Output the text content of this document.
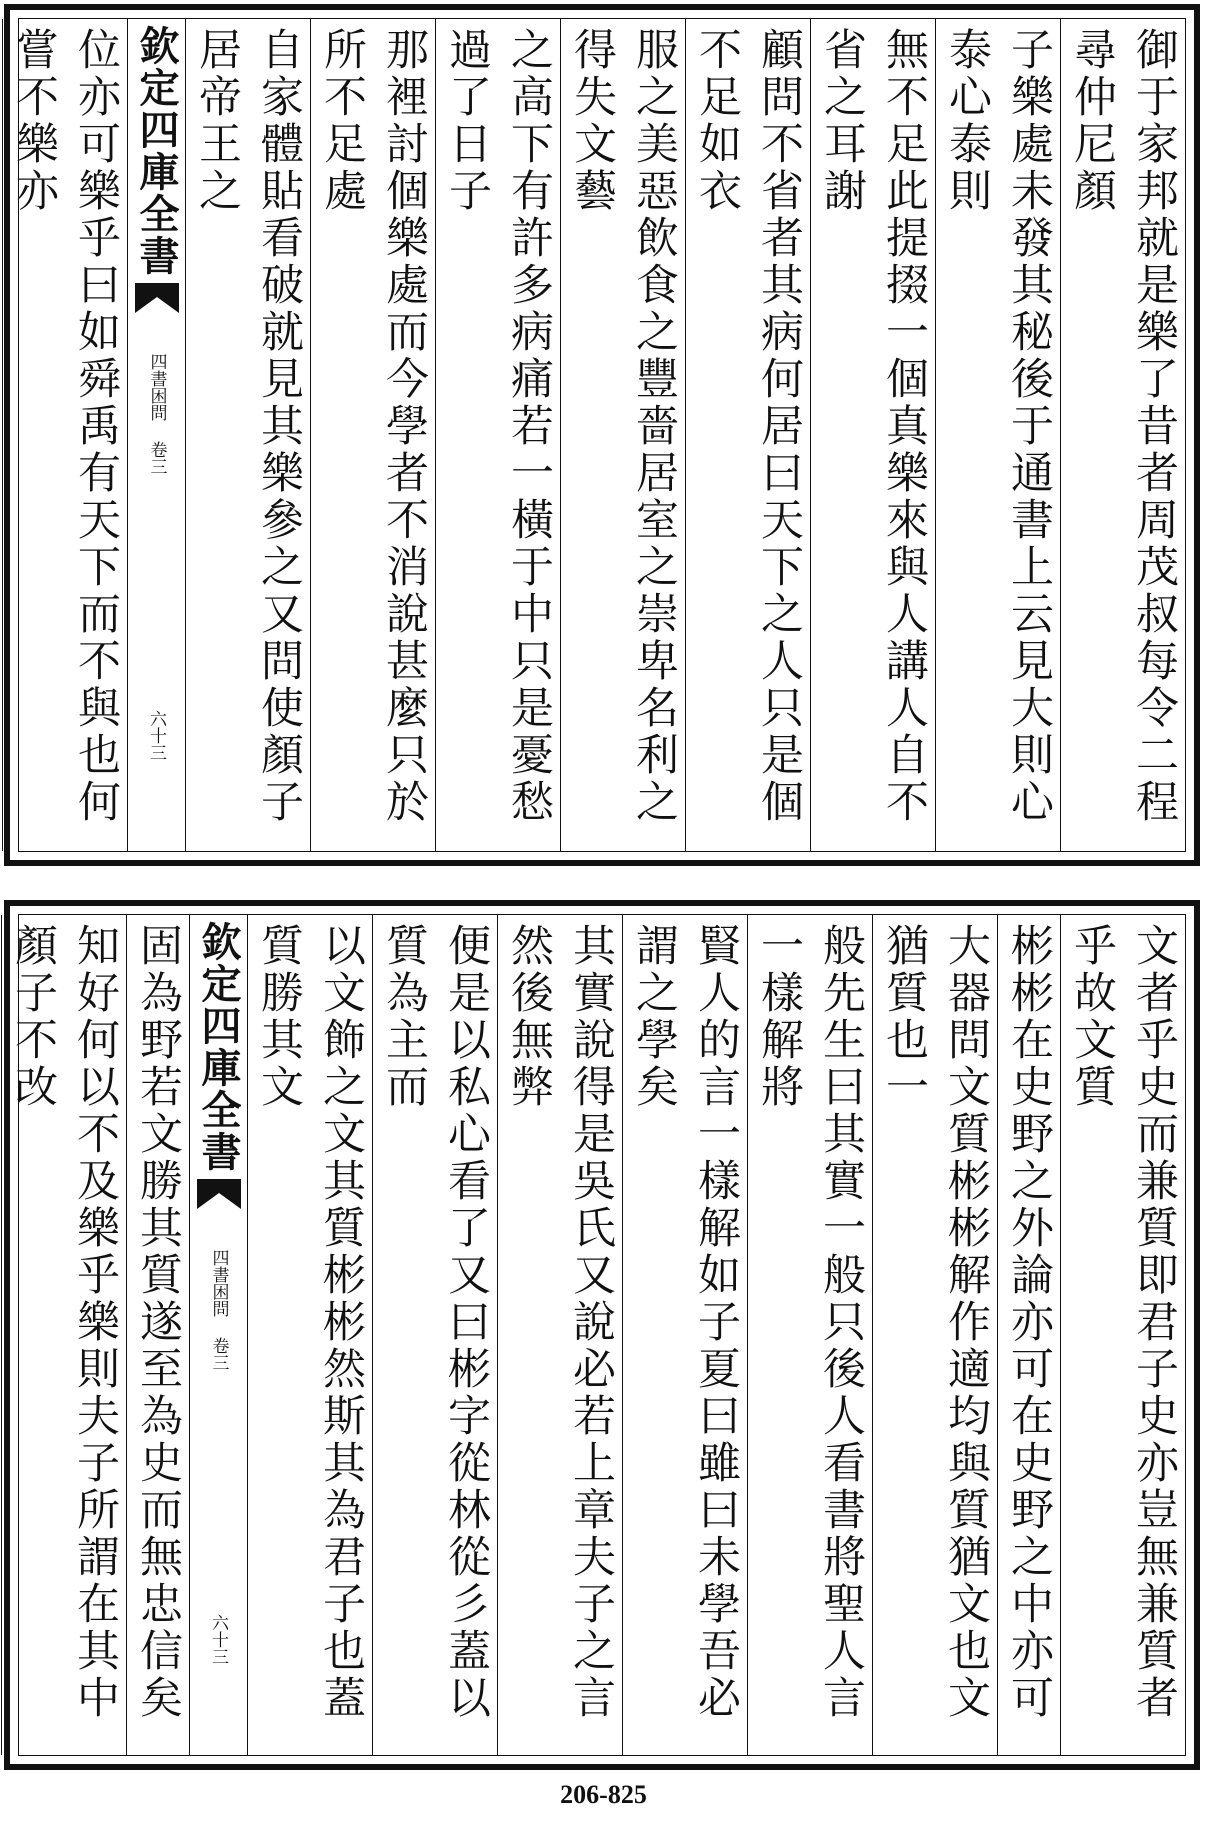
御于家邦就是樂了昔者周茂叔每令二程尋仲尼顏
子樂處未發其秘後于通書上云見大則心泰心泰則
無不足此提掇一個真樂來與人講人自不省之耳謝
顧問不省者其病何居曰天下之人只是個不足如衣
服之美惡飲食之豐嗇居室之崇卑名利之得失文藝
之高下有許多病痛若一橫于中只是憂愁過了日子
那裡討個樂處而今學者不消說甚麼只於所不足處
自家體貼看破就見其樂參之又問使顏子居帝王之
欽定四庫全書
四書困問 卷三
六十三
位亦可樂乎曰如舜禹有天下而不與也何嘗不樂亦
文者乎史而兼質即君子史亦豈無兼質者乎故文質
彬彬在史野之外論亦可在史野之中亦可
大器問文質彬彬解作適均與質猶文也文猶質也一
般先生曰其實一般只後人看書將聖人言一樣解將
賢人的言一樣解如子夏曰雖曰未學吾必謂之學矣
其實說得是吳氏又說必若上章夫子之言然後無弊
便是以私心看了又曰彬字從林從彡蓋以質為主而
以文飾之文其質彬彬然斯其為君子也蓋質勝其文
欽定四庫全書
四書困問 卷三
六十三
固為野若文勝其質遂至為史而無忠信矣
知好何以不及樂乎樂則夫子所謂在其中顏子不改
206-825
